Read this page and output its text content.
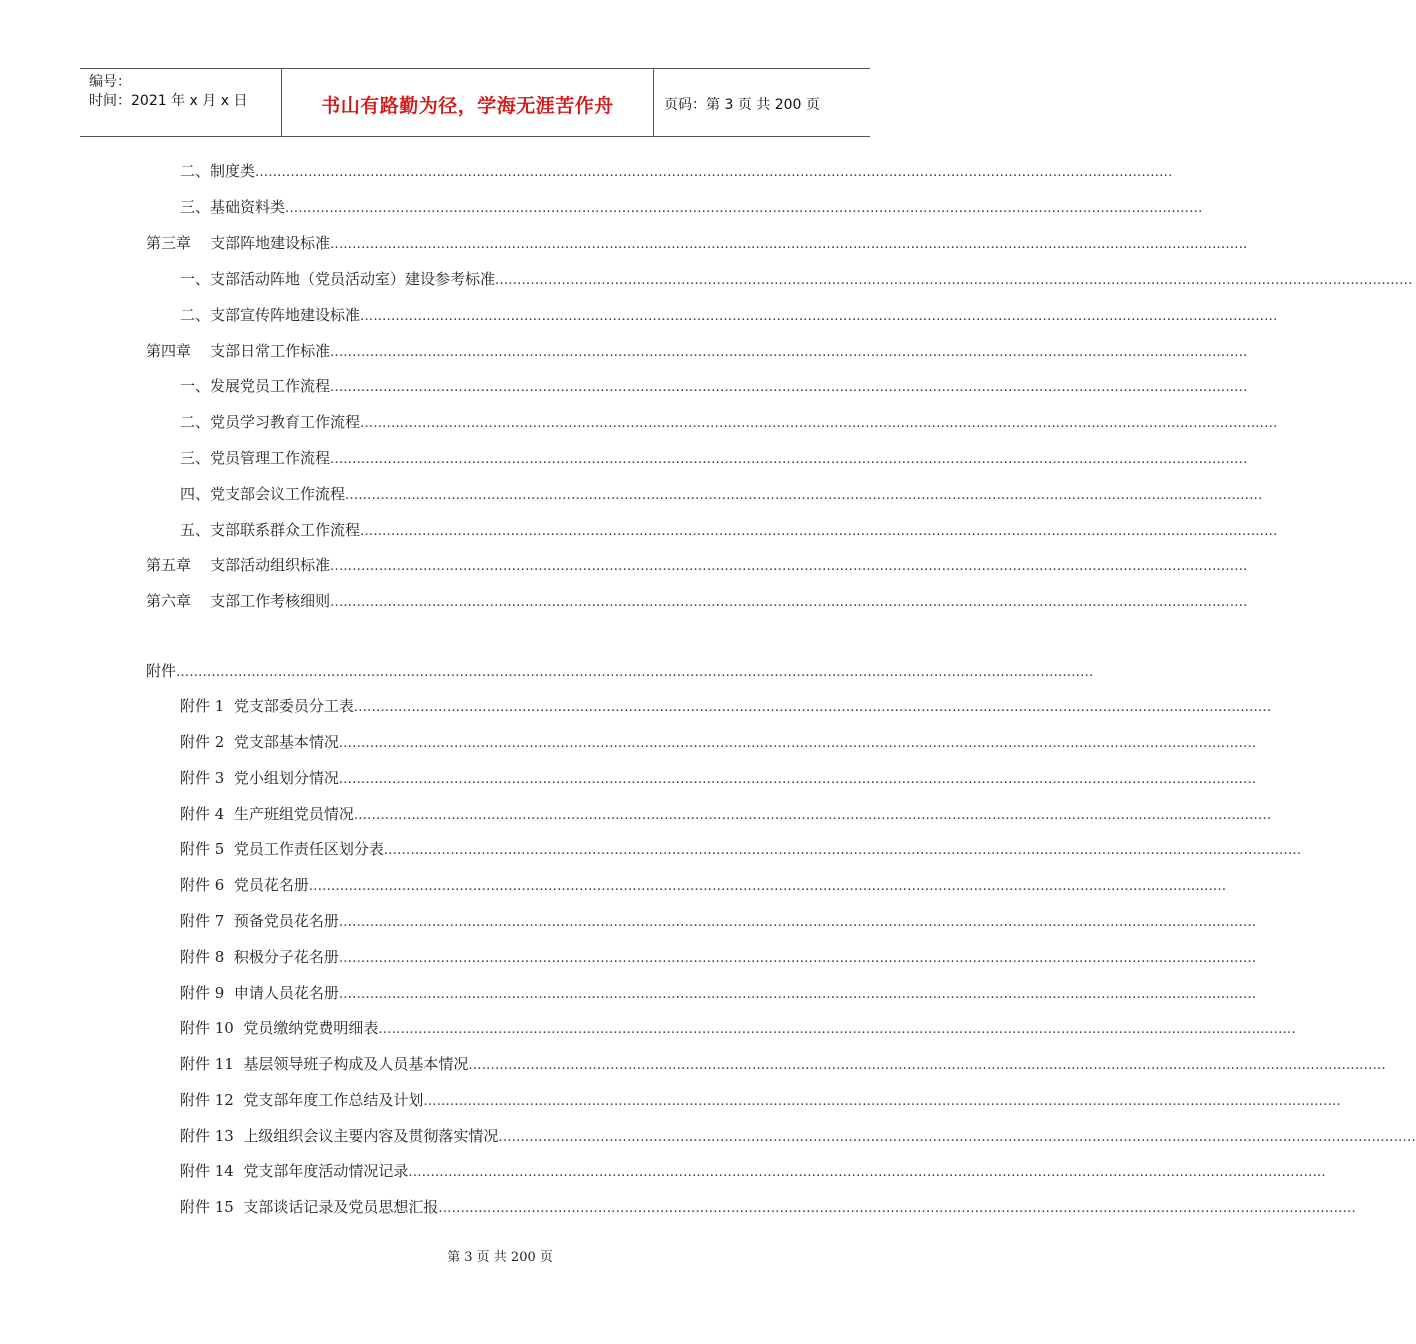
编号：
时间：2021 年 x 月 x 日	书山有路勤为径，学海无涯苦作舟	页码：第 3 页 共 200 页
二、制度类 ...............................................................................................................................................................................................................
三、基础资料类 ...............................................................................................................................................................................................................
第三章    支部阵地建设标准 ...............................................................................................................................................................................................................
一、支部活动阵地（党员活动室）建设参考标准 ...............................................................................................................................................................................................................
二、支部宣传阵地建设标准 ...............................................................................................................................................................................................................
第四章    支部日常工作标准 ...............................................................................................................................................................................................................
一、发展党员工作流程 ...............................................................................................................................................................................................................
二、党员学习教育工作流程 ...............................................................................................................................................................................................................
三、党员管理工作流程 ...............................................................................................................................................................................................................
四、党支部会议工作流程 ...............................................................................................................................................................................................................
五、支部联系群众工作流程 ...............................................................................................................................................................................................................
第五章    支部活动组织标准 ...............................................................................................................................................................................................................
第六章    支部工作考核细则 ...............................................................................................................................................................................................................
附件 ...............................................................................................................................................................................................................
附件 1  党支部委员分工表 ...............................................................................................................................................................................................................
附件 2  党支部基本情况 ...............................................................................................................................................................................................................
附件 3  党小组划分情况 ...............................................................................................................................................................................................................
附件 4  生产班组党员情况 ...............................................................................................................................................................................................................
附件 5  党员工作责任区划分表 ...............................................................................................................................................................................................................
附件 6  党员花名册 ...............................................................................................................................................................................................................
附件 7  预备党员花名册 ...............................................................................................................................................................................................................
附件 8  积极分子花名册 ...............................................................................................................................................................................................................
附件 9  申请人员花名册 ...............................................................................................................................................................................................................
附件 10  党员缴纳党费明细表 ...............................................................................................................................................................................................................
附件 11  基层领导班子构成及人员基本情况 ...............................................................................................................................................................................................................
附件 12  党支部年度工作总结及计划 ...............................................................................................................................................................................................................
附件 13  上级组织会议主要内容及贯彻落实情况 ...............................................................................................................................................................................................................
附件 14  党支部年度活动情况记录 ...............................................................................................................................................................................................................
附件 15  支部谈话记录及党员思想汇报 ...............................................................................................................................................................................................................
第 3 页 共 200 页
